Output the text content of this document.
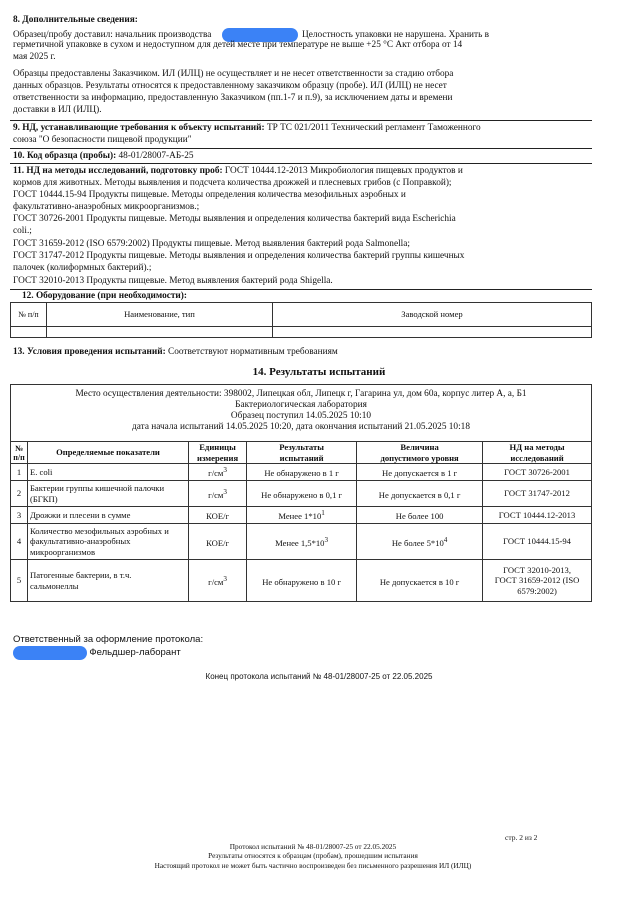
8. Дополнительные сведения:
Образец/пробу доставил: начальник производства	Целостность упаковки не нарушена. Хранить в
герметичной упаковке в сухом и недоступном для детей месте при температуре не выше +25 °С Акт отбора от 14
мая 2025 г.
Образцы предоставлены Заказчиком. ИЛ (ИЛЦ) не осуществляет и не несет ответственности за стадию отбора
данных образцов. Результаты относятся к предоставленному заказчиком образцу (пробе). ИЛ (ИЛЦ) не несет
ответственности за информацию, предоставленную Заказчиком (пп.1-7 и п.9), за исключением даты и времени
доставки в ИЛ (ИЛЦ).
9. НД, устанавливающие требования к объекту испытаний: ТР ТС 021/2011 Технический регламент Таможенного
союза "О безопасности пищевой продукции"
10. Код образца (пробы): 48-01/28007-АБ-25
11. НД на методы исследований, подготовку проб: ГОСТ 10444.12-2013 Микробиология пищевых продуктов и
кормов для животных. Методы выявления и подсчета количества дрожжей и плесневых грибов (с Поправкой);
ГОСТ 10444.15-94 Продукты пищевые. Методы определения количества мезофильных аэробных и
факультативно-анаэробных микроорганизмов.;
ГОСТ 30726-2001 Продукты пищевые. Методы выявления и определения количества бактерий вида Escherichia
coli.;
ГОСТ 31659-2012 (ISO 6579:2002) Продукты пищевые. Метод выявления бактерий рода Salmonella;
ГОСТ 31747-2012 Продукты пищевые. Методы выявления и определения количества бактерий группы кишечных
палочек (колиформных бактерий).;
ГОСТ 32010-2013 Продукты пищевые. Метод выявления бактерий рода Shigella.
12. Оборудование (при необходимости):
№ п/п	Наименование, тип	Заводской номер

13. Условия проведения испытаний: Соответствуют нормативным требованиям
14. Результаты испытаний
Место осуществления деятельности: 398002, Липецкая обл, Липецк г, Гагарина ул, дом 60а, корпус литер А, а, Б1
Бактериологическая лаборатория
Образец поступил 14.05.2025 10:10
дата начала испытаний 14.05.2025 10:20, дата окончания испытаний 21.05.2025 10:18
№ п/п	Определяемые показатели	Единицы измерения	Результаты испытаний	Величина допустимого уровня	НД на методы исследований
1	E. coli	$г/см^3$	Не обнаружено в 1 г	Не допускается в 1 г	ГОСТ 30726-2001
2	Бактерии группы кишечной палочки (БГКП)	$г/см^3$	Не обнаружено в 0,1 г	Не допускается в 0,1 г	ГОСТ 31747-2012
3	Дрожжи и плесени в сумме	КОЕ/г	Менее $1*10^1$	Не более 100	ГОСТ 10444.12-2013
4	Количество мезофильных аэробных и факультативно-анаэробных микроорганизмов	КОЕ/г	Менее $1,5*10^3$	Не более $5*10^4$	ГОСТ 10444.15-94
5	Патогенные бактерии, в т.ч. сальмонеллы	$г/см^3$	Не обнаружено в 10 г	Не допускается в 10 г	ГОСТ 32010-2013, ГОСТ 31659-2012 (ISO 6579:2002)
Ответственный за оформление протокола:
Фельдшер-лаборант
Конец протокола испытаний № 48-01/28007-25 от 22.05.2025
стр. 2 из 2
Протокол испытаний № 48-01/28007-25 от 22.05.2025
Результаты относятся к образцам (пробам), прошедшим испытания
Настоящий протокол не может быть частично воспроизведен без письменного разрешения ИЛ (ИЛЦ)
